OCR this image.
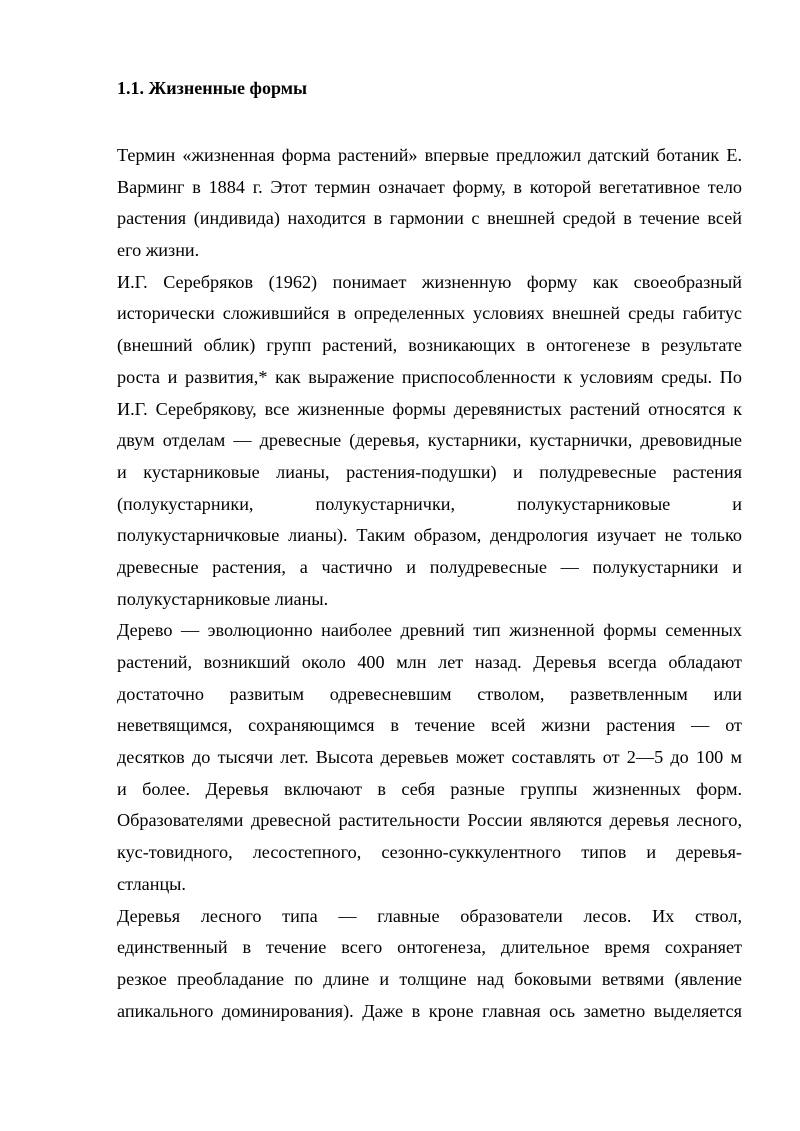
1.1. Жизненные формы
Термин «жизненная форма растений» впервые предложил датский ботаник Е.
Варминг в 1884 г. Этот термин означает форму, в которой вегетативное тело
растения (индивида) находится в гармонии с внешней средой в течение всей
его жизни.
И.Г. Серебряков (1962) понимает жизненную форму как своеобразный
исторически сложившийся в определенных условиях внешней среды габитус
(внешний облик) групп растений, возникающих в онтогенезе в результате
роста и развития,* как выражение приспособленности к условиям среды. По
И.Г. Серебрякову, все жизненные формы деревянистых растений относятся к
двум отделам — древесные (деревья, кустарники, кустарнички, древовидные
и кустарниковые лианы, растения-подушки) и полудревесные растения
(полукустарники, полукустарнички, полукустарниковые и
полукустарничковые лианы). Таким образом, дендрология изучает не только
древесные растения, а частично и полудревесные — полукустарники и
полукустарниковые лианы.
Дерево — эволюционно наиболее древний тип жизненной формы семенных
растений, возникший около 400 млн лет назад. Деревья всегда обладают
достаточно развитым одревесневшим стволом, разветвленным или
неветвящимся, сохраняющимся в течение всей жизни растения — от
десятков до тысячи лет. Высота деревьев может составлять от 2—5 до 100 м
и более. Деревья включают в себя разные группы жизненных форм.
Образователями древесной растительности России являются деревья лесного,
кус-товидного, лесостепного, сезонно-суккулентного типов и деревья-
стланцы.
Деревья лесного типа — главные образователи лесов. Их ствол,
единственный в течение всего онтогенеза, длительное время сохраняет
резкое преобладание по длине и толщине над боковыми ветвями (явление
апикального доминирования). Даже в кроне главная ось заметно выделяется
